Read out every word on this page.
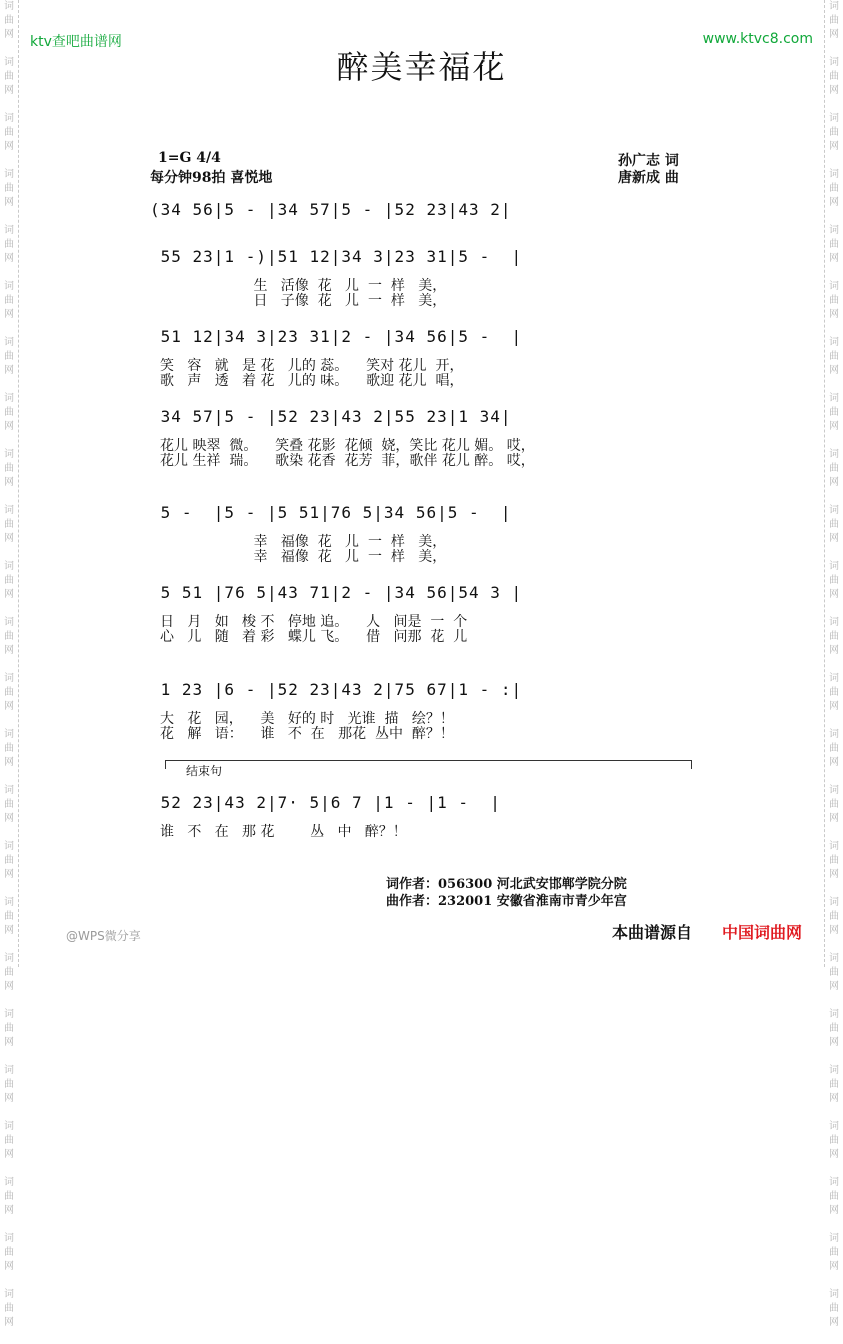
词
曲
网

词
曲
网

词
曲
网

词
曲
网

词
曲
网

词
曲
网

词
曲
网

词
曲
网

词
曲
网

词
曲
网

词
曲
网

词
曲
网

词
曲
网

词
曲
网

词
曲
网

词
曲
网

词
曲
网

词
曲
网

词
曲
网

词
曲
网

词
曲
网

词
曲
网

词
曲
网

词
曲
网

词
曲
网

词
曲
网

词
曲
网

词
曲
网

词
曲
网

词
曲
网

词
曲
网

词
曲
网

词
曲
网

词
曲
网

词
曲
网

词
曲
网

词
曲
网

词
曲
网

词
曲
网

词
曲
网

词
曲
网

词
曲
网

词
曲
网

词
曲
网

词
曲
网

词
曲
网

词
曲
网

词
曲
网

ktv查吧曲谱网	www.ktvc8.com
醉美幸福花
1=G 4/4
每分钟98拍 喜悦地
孙广志 词
唐新成 曲
(34 56|5 - |34 57|5 - |52 23|43 2|
55 23|1 -)|51 12|34 3|23 31|5 -  |
生   活像  花   儿  一  样   美，
日   子像  花   儿  一  样   美，
51 12|34 3|23 31|2 - |34 56|5 -  |
笑   容   就   是 花   儿的 蕊。    笑对 花儿  开，
歌   声   透   着 花   儿的 味。    歌迎 花儿  唱，
34 57|5 - |52 23|43 2|55 23|1 34|
花儿 映翠  微。    笑叠 花影  花倾  娆，笑比 花儿 媚。 哎，
花儿 生祥  瑞。    歌染 花香  花芳  菲，歌伴 花儿 醉。 哎，
5 -  |5 - |5 51|76 5|34 56|5 -  |
幸   福像  花   儿  一  样   美，
幸   福像  花   儿  一  样   美，
5 51 |76 5|43 71|2 - |34 56|54 3 |
日   月   如   梭 不   停地 追。    人   间是  一  个
心   儿   随   着 彩   蝶儿 飞。    借   问那  花  儿
1 23 |6 - |52 23|43 2|75 67|1 - :|
大   花   园，    美   好的 时   光谁  描   绘？！
花   解   语：    谁   不  在   那花  丛中  醉？！
52 23|43 2|7· 5|6 7 |1 - |1 -  |
谁   不   在   那 花        丛   中   醉？！
结束句
词作者：056300 河北武安邯郸学院分院
曲作者：232001 安徽省淮南市青少年宫
@WPS微分享	本曲谱源自 中国词曲网
